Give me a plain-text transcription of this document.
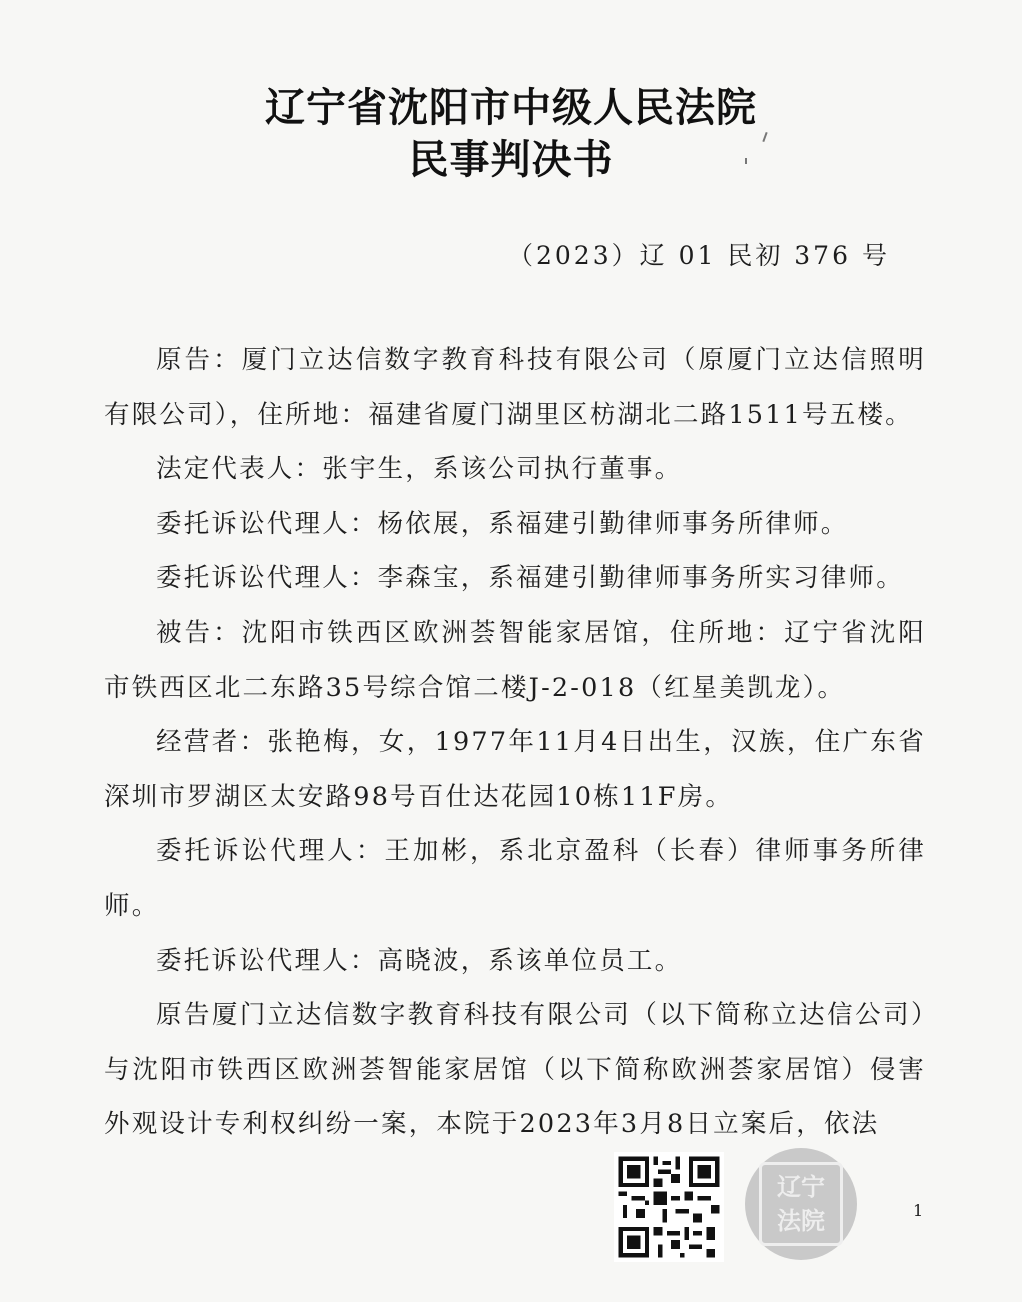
辽宁省沈阳市中级人民法院
民事判决书
（2023）辽 01 民初 376 号

原告：厦门立达信数字教育科技有限公司（原厦门立达信照明有限公司），住所地：福建省厦门湖里区枋湖北二路1511号五楼。

法定代表人：张宇生，系该公司执行董事。

委托诉讼代理人：杨依展，系福建引勤律师事务所律师。

委托诉讼代理人：李森宝，系福建引勤律师事务所实习律师。

被告：沈阳市铁西区欧洲荟智能家居馆，住所地：辽宁省沈阳市铁西区北二东路35号综合馆二楼J-2-018（红星美凯龙）。

经营者：张艳梅，女，1977年11月4日出生，汉族，住广东省深圳市罗湖区太安路98号百仕达花园10栋11F房。

委托诉讼代理人：王加彬，系北京盈科（长春）律师事务所律师。

委托诉讼代理人：高晓波，系该单位员工。

原告厦门立达信数字教育科技有限公司（以下简称立达信公司）与沈阳市铁西区欧洲荟智能家居馆（以下简称欧洲荟家居馆）侵害外观设计专利权纠纷一案，本院于2023年3月8日立案后，依法

辽宁
法院	1
